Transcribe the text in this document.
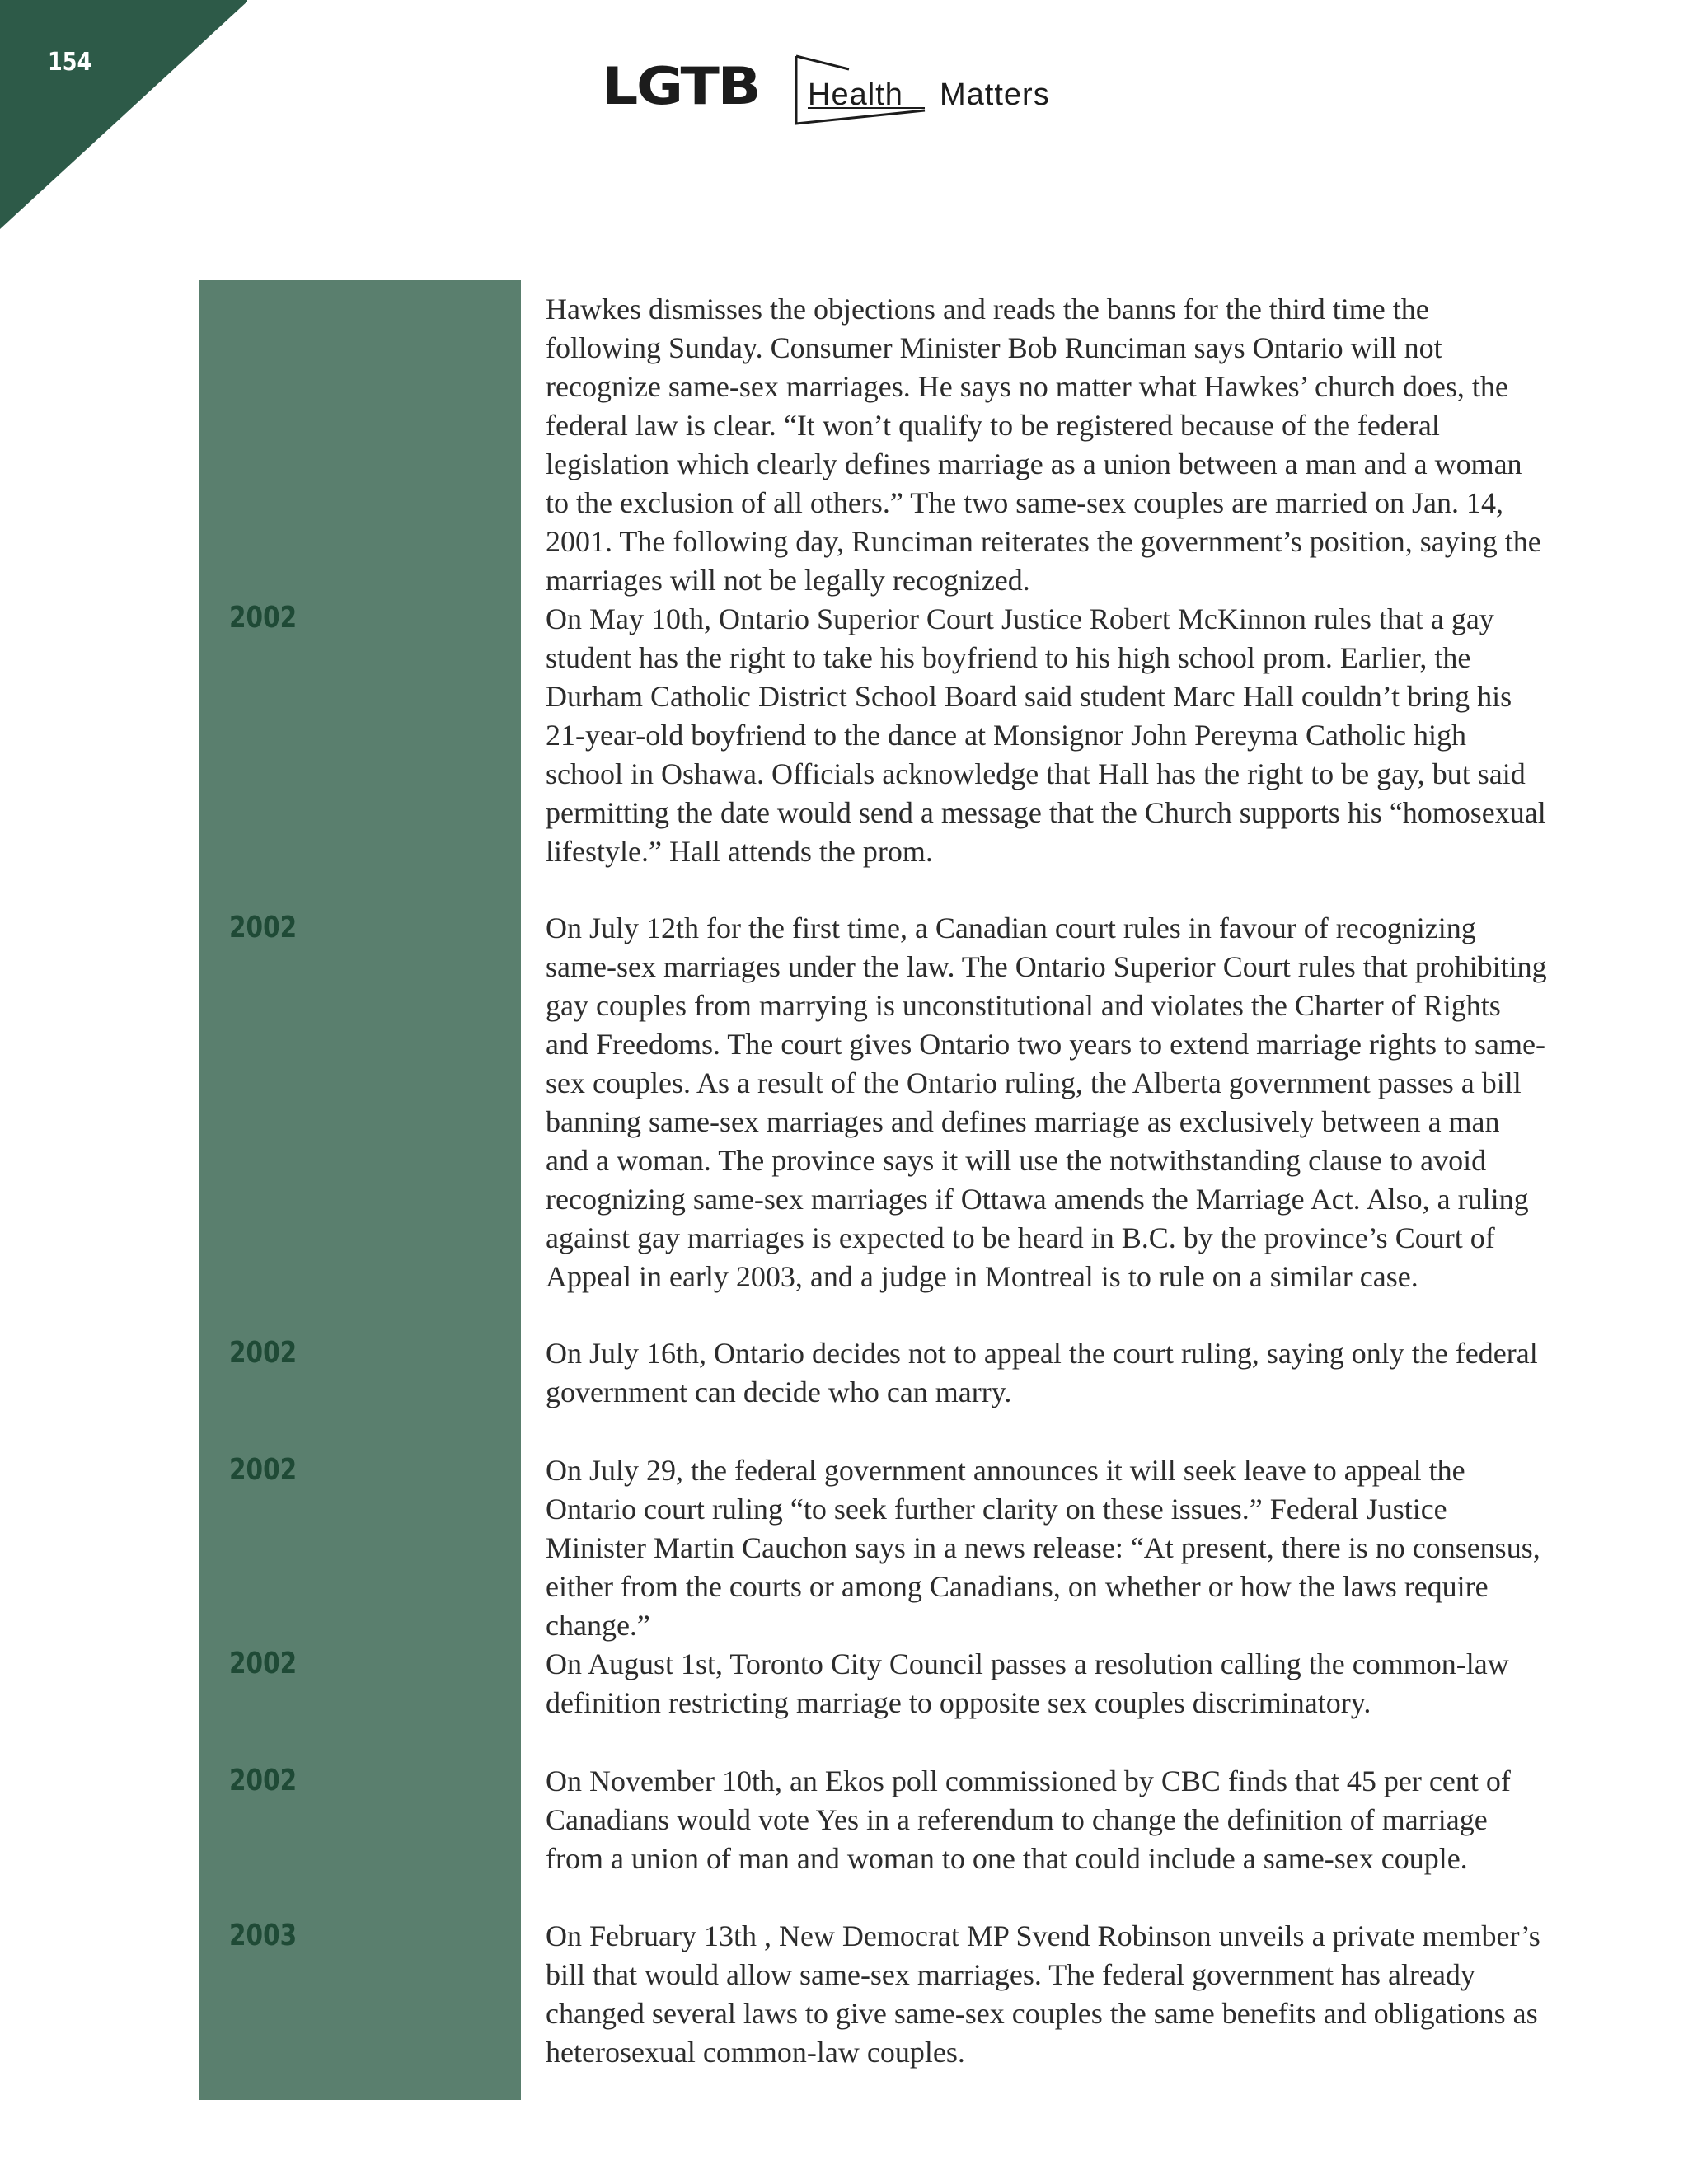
154	LGTB Health Matters

Hawkes dismisses the objections and reads the banns for the third time the following Sunday. Consumer Minister Bob Runciman says Ontario will not recognize same-sex marriages. He says no matter what Hawkes’ church does, the federal law is clear. “It won’t qualify to be registered because of the federal legislation which clearly defines marriage as a union between a man and a woman to the exclusion of all others.” The two same-sex couples are married on Jan. 14, 2001. The following day, Runciman reiterates the government’s position, saying the marriages will not be legally recognized.

2002	On May 10th, Ontario Superior Court Justice Robert McKinnon rules that a gay student has the right to take his boyfriend to his high school prom. Earlier, the Durham Catholic District School Board said student Marc Hall couldn’t bring his 21-year-old boyfriend to the dance at Monsignor John Pereyma Catholic high school in Oshawa. Officials acknowledge that Hall has the right to be gay, but said permitting the date would send a message that the Church supports his “homosexual lifestyle.” Hall attends the prom.

2002	On July 12th for the first time, a Canadian court rules in favour of recognizing same-sex marriages under the law. The Ontario Superior Court rules that prohibiting gay couples from marrying is unconstitutional and violates the Charter of Rights and Freedoms. The court gives Ontario two years to extend marriage rights to same-sex couples. As a result of the Ontario ruling, the Alberta government passes a bill banning same-sex marriages and defines marriage as exclusively between a man and a woman. The province says it will use the notwithstanding clause to avoid recognizing same-sex marriages if Ottawa amends the Marriage Act. Also, a ruling against gay marriages is expected to be heard in B.C. by the province’s Court of Appeal in early 2003, and a judge in Montreal is to rule on a similar case.

2002	On July 16th, Ontario decides not to appeal the court ruling, saying only the federal government can decide who can marry.

2002	On July 29, the federal government announces it will seek leave to appeal the Ontario court ruling “to seek further clarity on these issues.” Federal Justice Minister Martin Cauchon says in a news release: “At present, there is no consensus, either from the courts or among Canadians, on whether or how the laws require change.”

2002	On August 1st, Toronto City Council passes a resolution calling the common-law definition restricting marriage to opposite sex couples discriminatory.

2002	On November 10th, an Ekos poll commissioned by CBC finds that 45 per cent of Canadians would vote Yes in a referendum to change the definition of marriage from a union of man and woman to one that could include a same-sex couple.

2003	On February 13th , New Democrat MP Svend Robinson unveils a private member’s bill that would allow same-sex marriages. The federal government has already changed several laws to give same-sex couples the same benefits and obligations as heterosexual common-law couples.
